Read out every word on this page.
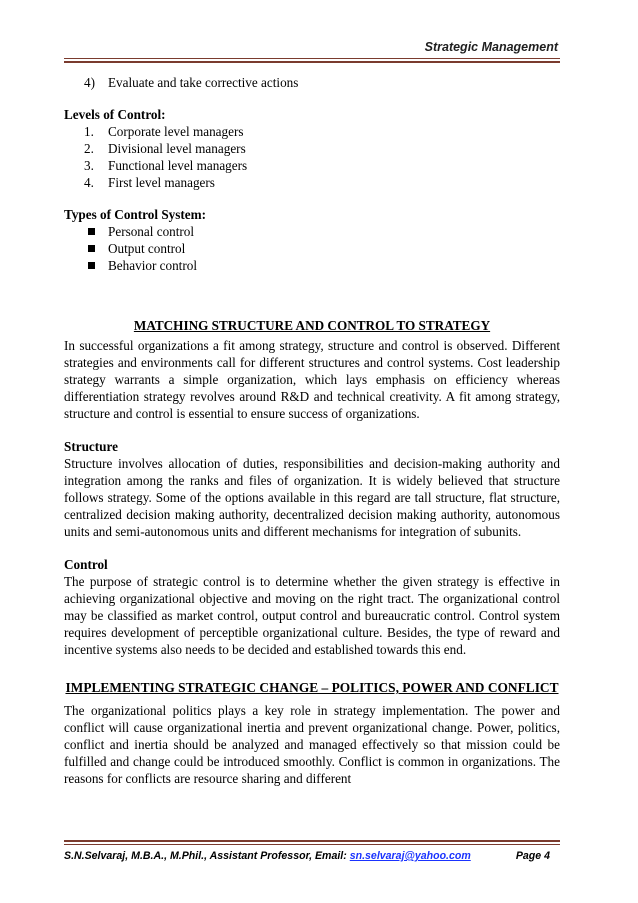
Strategic Management
4) Evaluate and take corrective actions
Levels of Control:
1. Corporate level managers
2. Divisional level managers
3. Functional level managers
4. First level managers
Types of Control System:
Personal control
Output control
Behavior control
MATCHING STRUCTURE AND CONTROL TO STRATEGY

In successful organizations a fit among strategy, structure and control is observed. Different strategies and environments call for different structures and control systems. Cost leadership strategy warrants a simple organization, which lays emphasis on efficiency whereas differentiation strategy revolves around R&D and technical creativity. A fit among strategy, structure and control is essential to ensure success of organizations.

Structure

Structure involves allocation of duties, responsibilities and decision-making authority and integration among the ranks and files of organization. It is widely believed that structure follows strategy. Some of the options available in this regard are tall structure, flat structure, centralized decision making authority, decentralized decision making authority, autonomous units and semi-autonomous units and different mechanisms for integration of subunits.

Control

The purpose of strategic control is to determine whether the given strategy is effective in achieving organizational objective and moving on the right tract. The organizational control may be classified as market control, output control and bureaucratic control. Control system requires development of perceptible organizational culture. Besides, the type of reward and incentive systems also needs to be decided and established towards this end.

IMPLEMENTING STRATEGIC CHANGE – POLITICS, POWER AND CONFLICT

The organizational politics plays a key role in strategy implementation. The power and conflict will cause organizational inertia and prevent organizational change. Power, politics, conflict and inertia should be analyzed and managed effectively so that mission could be fulfilled and change could be introduced smoothly. Conflict is common in organizations. The reasons for conflicts are resource sharing and different

S.N.Selvaraj, M.B.A., M.Phil., Assistant Professor, Email: sn.selvaraj@yahoo.com	Page 4
